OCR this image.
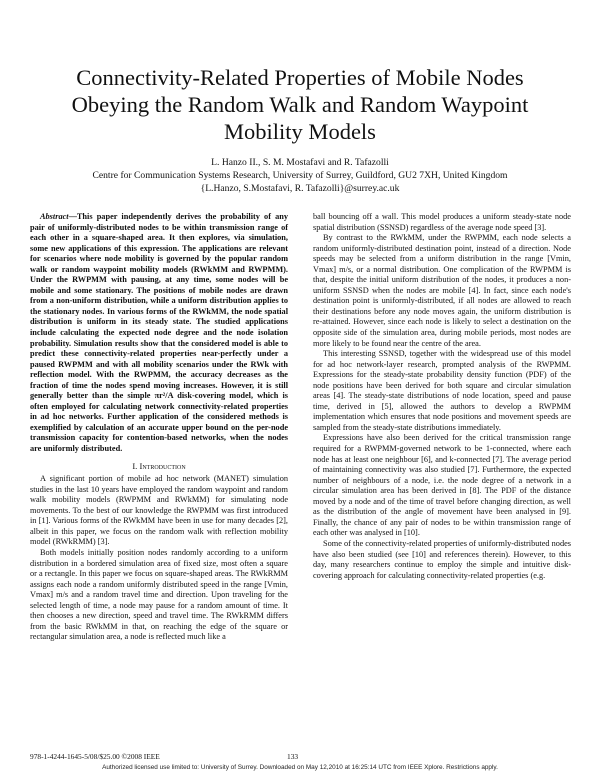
Connectivity-Related Properties of Mobile Nodes
Obeying the Random Walk and Random Waypoint
Mobility Models
L. Hanzo II., S. M. Mostafavi and R. Tafazolli
Centre for Communication Systems Research, University of Surrey, Guildford, GU2 7XH, United Kingdom
{L.Hanzo, S.Mostafavi, R. Tafazolli}@surrey.ac.uk

Abstract—This paper independently derives the probability of any pair of uniformly-distributed nodes to be within transmission range of each other in a square-shaped area. It then explores, via simulation, some new applications of this expression. The applications are relevant for scenarios where node mobility is governed by the popular random walk or random waypoint mobility models (RWkMM and RWPMM). Under the RWPMM with pausing, at any time, some nodes will be mobile and some stationary. The positions of mobile nodes are drawn from a non-uniform distribution, while a uniform distribution applies to the stationary nodes. In various forms of the RWkMM, the node spatial distribution is uniform in its steady state. The studied applications include calculating the expected node degree and the node isolation probability. Simulation results show that the considered model is able to predict these connectivity-related properties near-perfectly under a paused RWPMM and with all mobility scenarios under the RWk with reflection model. With the RWPMM, the accuracy decreases as the fraction of time the nodes spend moving increases. However, it is still generally better than the simple πr²/A disk-covering model, which is often employed for calculating network connectivity-related properties in ad hoc networks. Further application of the considered methods is exemplified by calculation of an accurate upper bound on the per-node transmission capacity for contention-based networks, when the nodes are uniformly distributed.

I. Introduction

A significant portion of mobile ad hoc network (MANET) simulation studies in the last 10 years have employed the random waypoint and random walk mobility models (RWPMM and RWkMM) for simulating node movements. To the best of our knowledge the RWPMM was first introduced in [1]. Various forms of the RWkMM have been in use for many decades [2], albeit in this paper, we focus on the random walk with reflection mobility model (RWkRMM) [3].

Both models initially position nodes randomly according to a uniform distribution in a bordered simulation area of fixed size, most often a square or a rectangle. In this paper we focus on square-shaped areas. The RWkRMM assigns each node a random uniformly distributed speed in the range [Vmin, Vmax] m/s and a random travel time and direction. Upon traveling for the selected length of time, a node may pause for a random amount of time. It then chooses a new direction, speed and travel time. The RWkRMM differs from the basic RWkMM in that, on reaching the edge of the square or rectangular simulation area, a node is reflected much like a

ball bouncing off a wall. This model produces a uniform steady-state node spatial distribution (SSNSD) regardless of the average node speed [3].

By contrast to the RWkMM, under the RWPMM, each node selects a random uniformly-distributed destination point, instead of a direction. Node speeds may be selected from a uniform distribution in the range [Vmin, Vmax] m/s, or a normal distribution. One complication of the RWPMM is that, despite the initial uniform distribution of the nodes, it produces a non-uniform SSNSD when the nodes are mobile [4]. In fact, since each node's destination point is uniformly-distributed, if all nodes are allowed to reach their destinations before any node moves again, the uniform distribution is re-attained. However, since each node is likely to select a destination on the opposite side of the simulation area, during mobile periods, most nodes are more likely to be found near the centre of the area.

This interesting SSNSD, together with the widespread use of this model for ad hoc network-layer research, prompted analysis of the RWPMM. Expressions for the steady-state probability density function (PDF) of the node positions have been derived for both square and circular simulation areas [4]. The steady-state distributions of node location, speed and pause time, derived in [5], allowed the authors to develop a RWPMM implementation which ensures that node positions and movement speeds are sampled from the steady-state distributions immediately.

Expressions have also been derived for the critical transmission range required for a RWPMM-governed network to be 1-connected, where each node has at least one neighbour [6], and k-connected [7]. The average period of maintaining connectivity was also studied [7]. Furthermore, the expected number of neighbours of a node, i.e. the node degree of a network in a circular simulation area has been derived in [8]. The PDF of the distance moved by a node and of the time of travel before changing direction, as well as the distribution of the angle of movement have been analysed in [9]. Finally, the chance of any pair of nodes to be within transmission range of each other was analysed in [10].

Some of the connectivity-related properties of uniformly-distributed nodes have also been studied (see [10] and references therein). However, to this day, many researchers continue to employ the simple and intuitive disk-covering approach for calculating connectivity-related properties (e.g.

978-1-4244-1645-5/08/$25.00 ©2008 IEEE	133
Authorized licensed use limited to: University of Surrey. Downloaded on May 12,2010 at 16:25:14 UTC from IEEE Xplore. Restrictions apply.
